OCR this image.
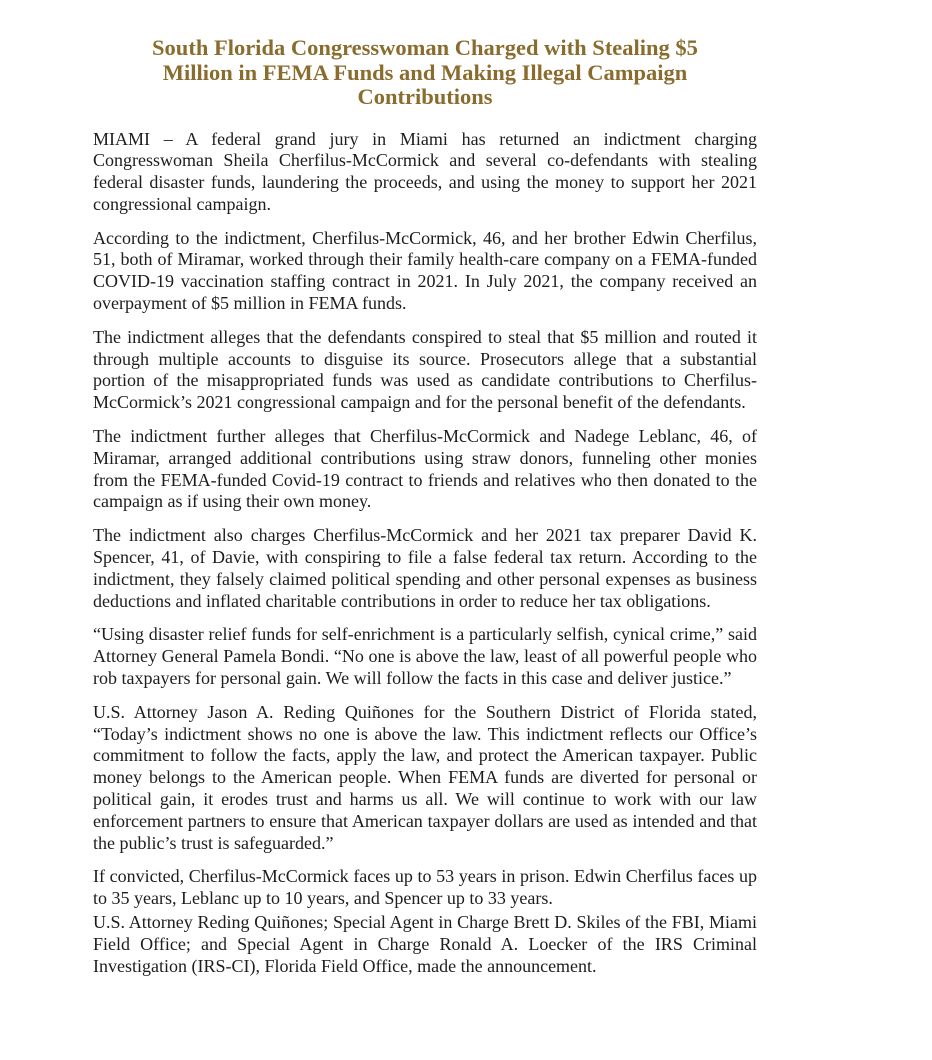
South Florida Congresswoman Charged with Stealing $5 Million in FEMA Funds and Making Illegal Campaign Contributions

MIAMI – A federal grand jury in Miami has returned an indictment charging Congresswoman Sheila Cherfilus-McCormick and several co-defendants with stealing federal disaster funds, laundering the proceeds, and using the money to support her 2021 congressional campaign.

According to the indictment, Cherfilus-McCormick, 46, and her brother Edwin Cherfilus, 51, both of Miramar, worked through their family health-care company on a FEMA-funded COVID-19 vaccination staffing contract in 2021. In July 2021, the company received an overpayment of $5 million in FEMA funds.

The indictment alleges that the defendants conspired to steal that $5 million and routed it through multiple accounts to disguise its source. Prosecutors allege that a substantial portion of the misappropriated funds was used as candidate contributions to Cherfilus-McCormick’s 2021 congressional campaign and for the personal benefit of the defendants.

The indictment further alleges that Cherfilus-McCormick and Nadege Leblanc, 46, of Miramar, arranged additional contributions using straw donors, funneling other monies from the FEMA-funded Covid-19 contract to friends and relatives who then donated to the campaign as if using their own money.

The indictment also charges Cherfilus-McCormick and her 2021 tax preparer David K. Spencer, 41, of Davie, with conspiring to file a false federal tax return. According to the indictment, they falsely claimed political spending and other personal expenses as business deductions and inflated charitable contributions in order to reduce her tax obligations.

“Using disaster relief funds for self-enrichment is a particularly selfish, cynical crime,” said Attorney General Pamela Bondi. “No one is above the law, least of all powerful people who rob taxpayers for personal gain. We will follow the facts in this case and deliver justice.”

U.S. Attorney Jason A. Reding Quiñones for the Southern District of Florida stated, “Today’s indictment shows no one is above the law. This indictment reflects our Office’s commitment to follow the facts, apply the law, and protect the American taxpayer. Public money belongs to the American people. When FEMA funds are diverted for personal or political gain, it erodes trust and harms us all. We will continue to work with our law enforcement partners to ensure that American taxpayer dollars are used as intended and that the public’s trust is safeguarded.”

If convicted, Cherfilus-McCormick faces up to 53 years in prison. Edwin Cherfilus faces up to 35 years, Leblanc up to 10 years, and Spencer up to 33 years.

U.S. Attorney Reding Quiñones; Special Agent in Charge Brett D. Skiles of the FBI, Miami Field Office; and Special Agent in Charge Ronald A. Loecker of the IRS Criminal Investigation (IRS-CI), Florida Field Office, made the announcement.
